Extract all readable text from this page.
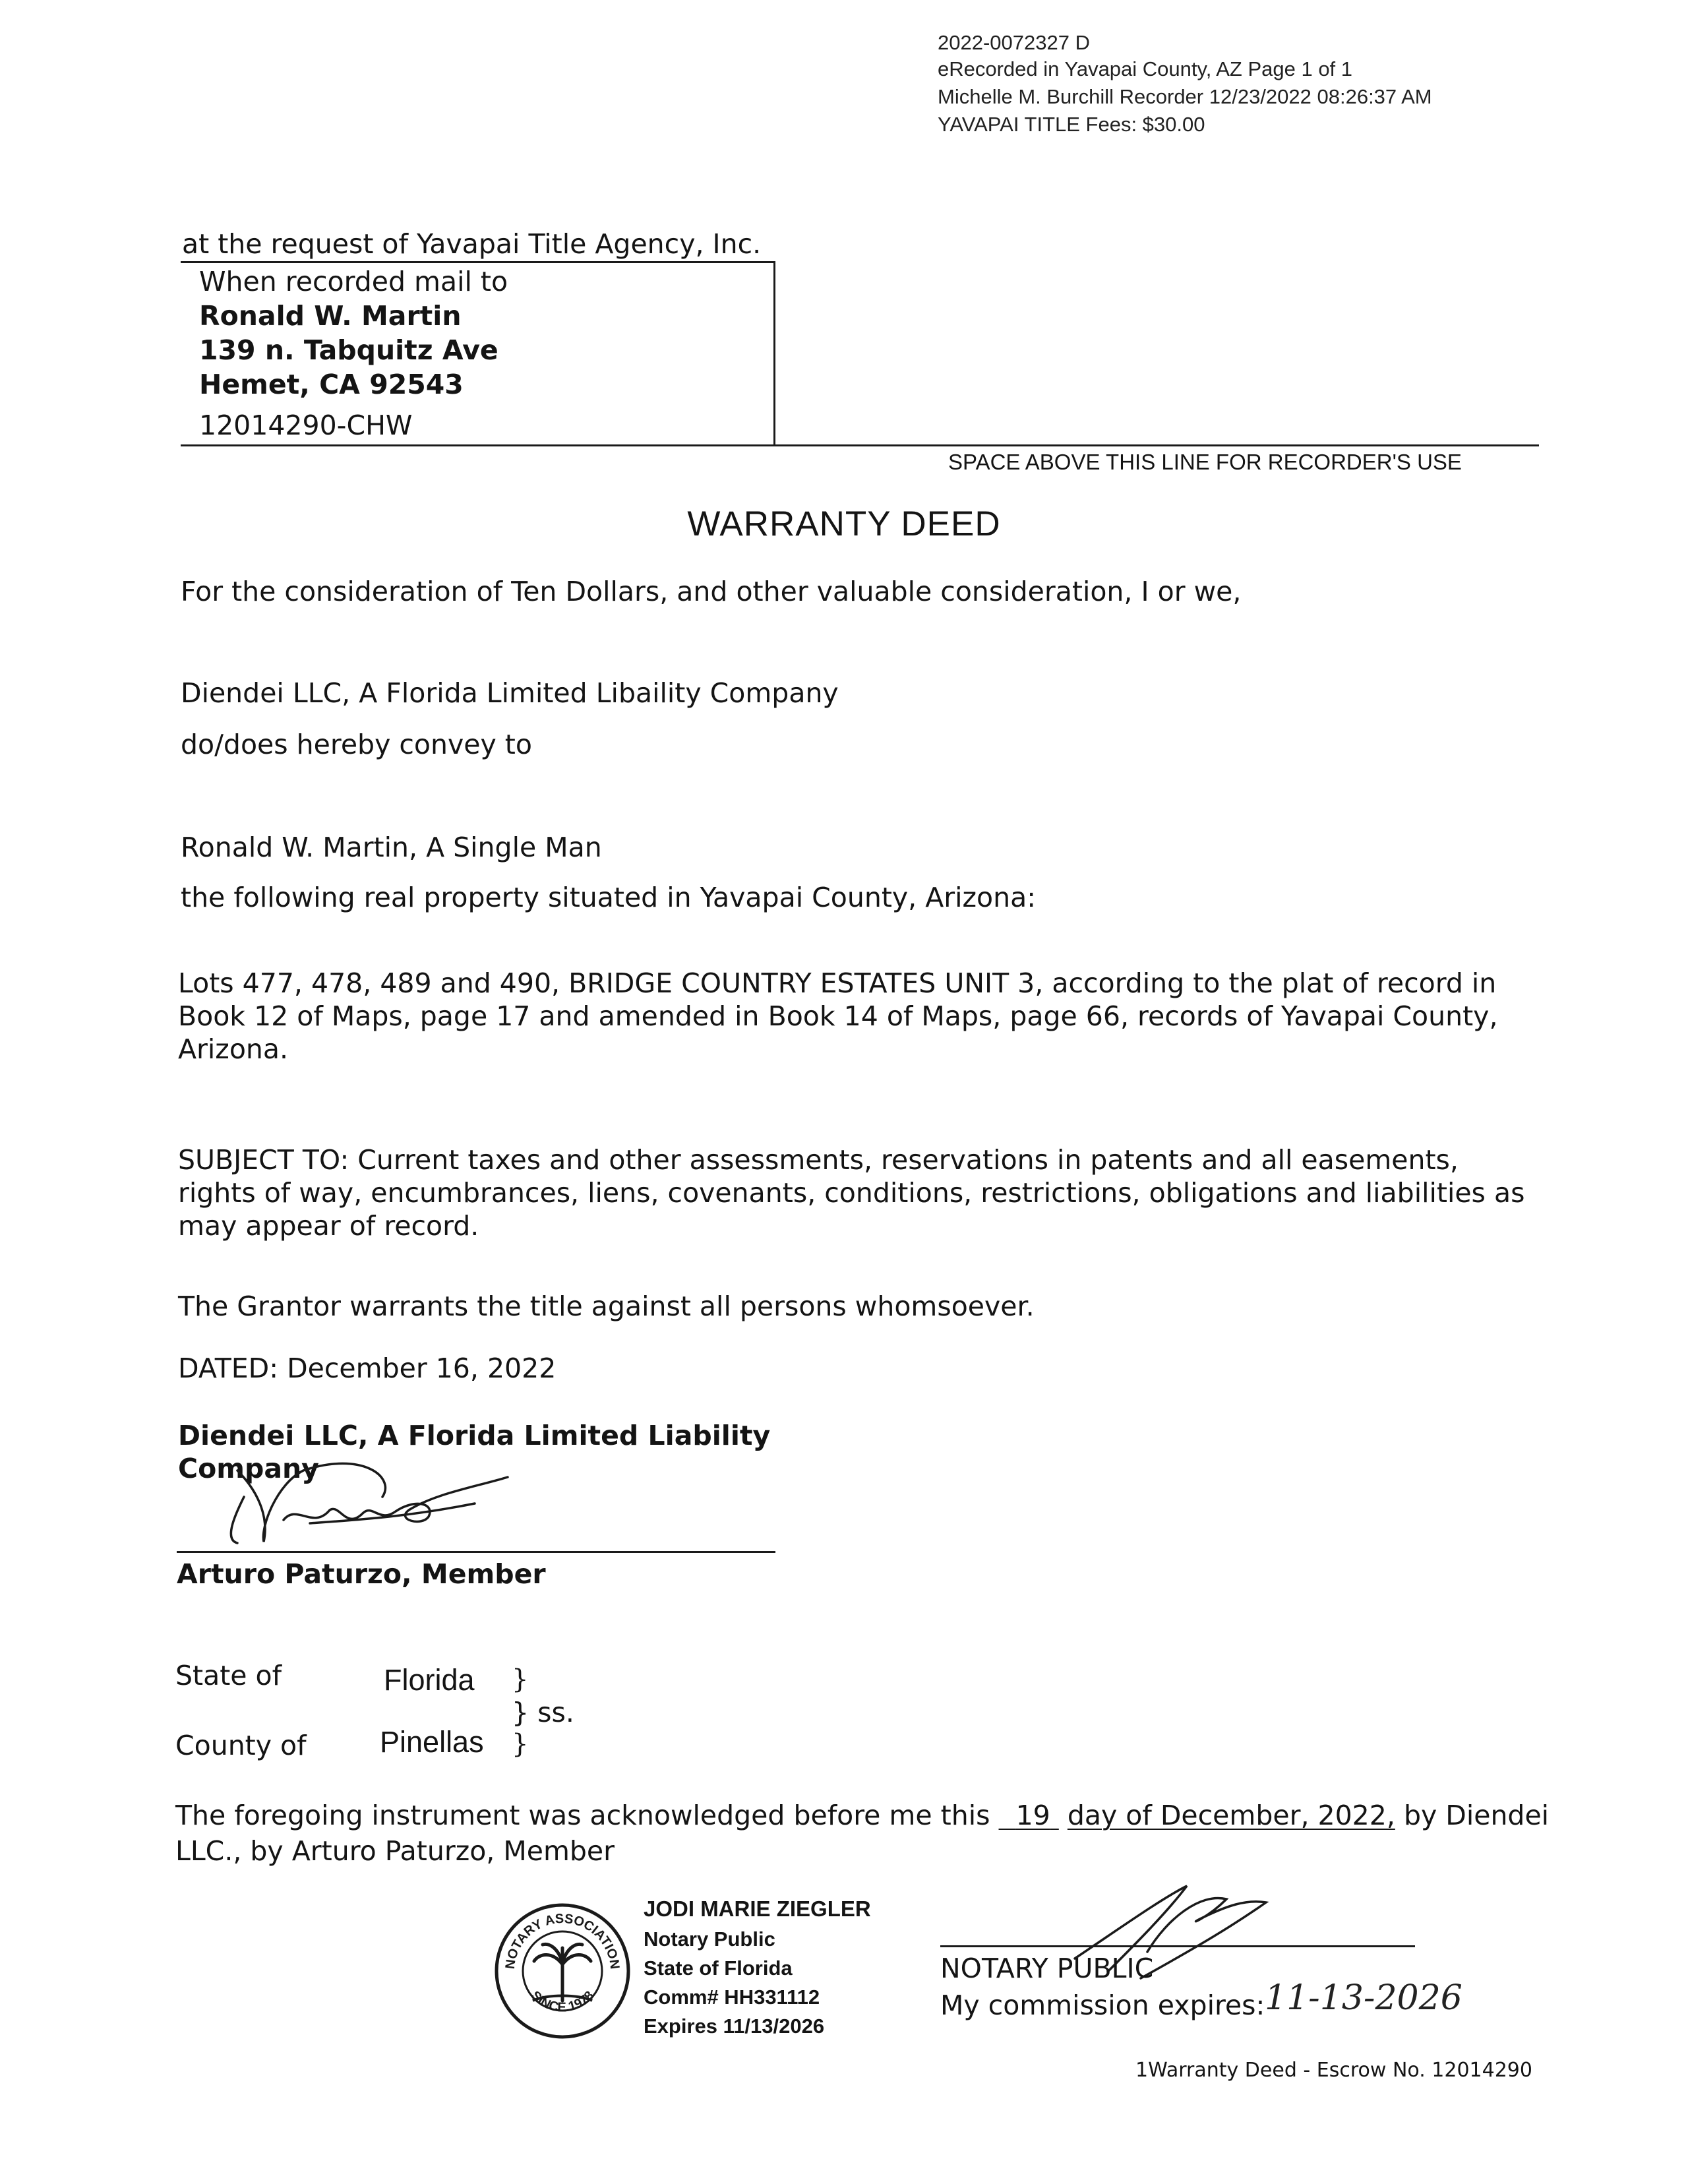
2022-0072327 D
eRecorded in Yavapai County, AZ Page 1 of 1
Michelle M. Burchill Recorder 12/23/2022 08:26:37 AM
YAVAPAI TITLE Fees: $30.00
at the request of Yavapai Title Agency, Inc.
When recorded mail to
Ronald W. Martin
139 n. Tabquitz Ave
Hemet, CA 92543
12014290-CHW
SPACE ABOVE THIS LINE FOR RECORDER'S USE
WARRANTY DEED
For the consideration of Ten Dollars, and other valuable consideration, I or we,
Diendei LLC, A Florida Limited Libaility Company
do/does hereby convey to
Ronald W. Martin, A Single Man
the following real property situated in Yavapai County, Arizona:
Lots 477, 478, 489 and 490, BRIDGE COUNTRY ESTATES UNIT 3, according to the plat of record in Book 12 of Maps, page 17 and amended in Book 14 of Maps, page 66, records of Yavapai County, Arizona.
SUBJECT TO: Current taxes and other assessments, reservations in patents and all easements, rights of way, encumbrances, liens, covenants, conditions, restrictions, obligations and liabilities as may appear of record.
The Grantor warrants the title against all persons whomsoever.
DATED: December 16, 2022
Diendei LLC, A Florida Limited Liability
Company
Arturo Paturzo, Member
State of	Florida }
} ss.
County of Pinellas }
The foregoing instrument was acknowledged before me this 19 day of December, 2022, by Diendei
LLC., by Arturo Paturzo, Member
NOTARY ASSOCIATION
SINCE 1978
JODI MARIE ZIEGLER
Notary Public
State of Florida
Comm# HH331112
Expires 11/13/2026
NOTARY PUBLIC
My commission expires: 11-13-2026
1Warranty Deed - Escrow No. 12014290
